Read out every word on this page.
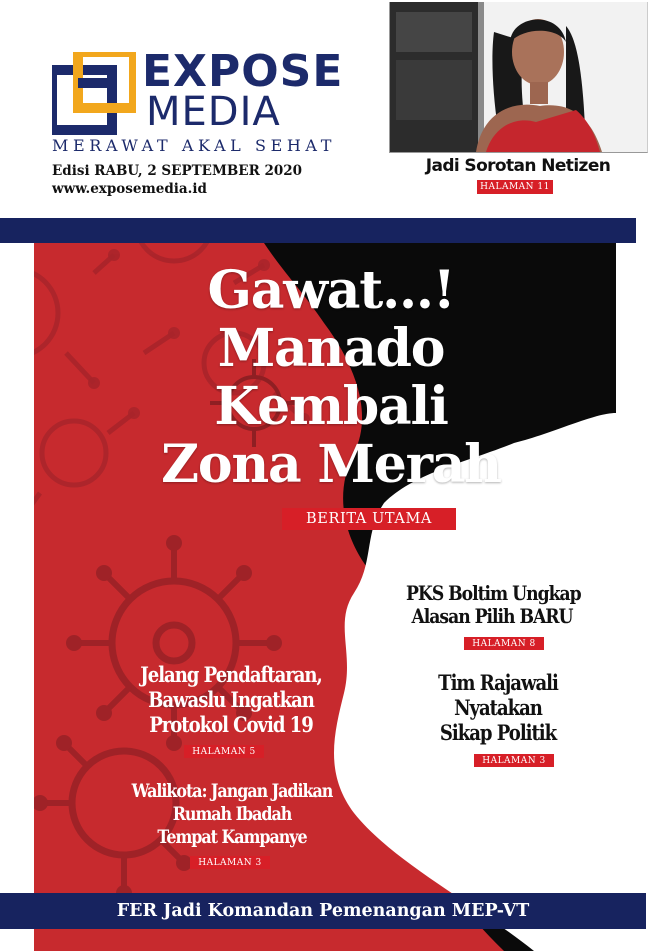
EXPOSE
MEDIA
MERAWAT AKAL SEHAT
Edisi RABU, 2 SEPTEMBER 2020
www.exposemedia.id
Jadi Sorotan Netizen
HALAMAN 11
Gawat...!
Manado
Kembali
Zona Merah
BERITA UTAMA
PKS Boltim Ungkap
Alasan Pilih BARU
HALAMAN 8
Tim Rajawali
Nyatakan
Sikap Politik
HALAMAN 3
Jelang Pendaftaran,
Bawaslu Ingatkan
Protokol Covid 19
HALAMAN 5
Walikota: Jangan Jadikan
Rumah Ibadah
Tempat Kampanye
HALAMAN 3
FER Jadi Komandan Pemenangan MEP-VT
